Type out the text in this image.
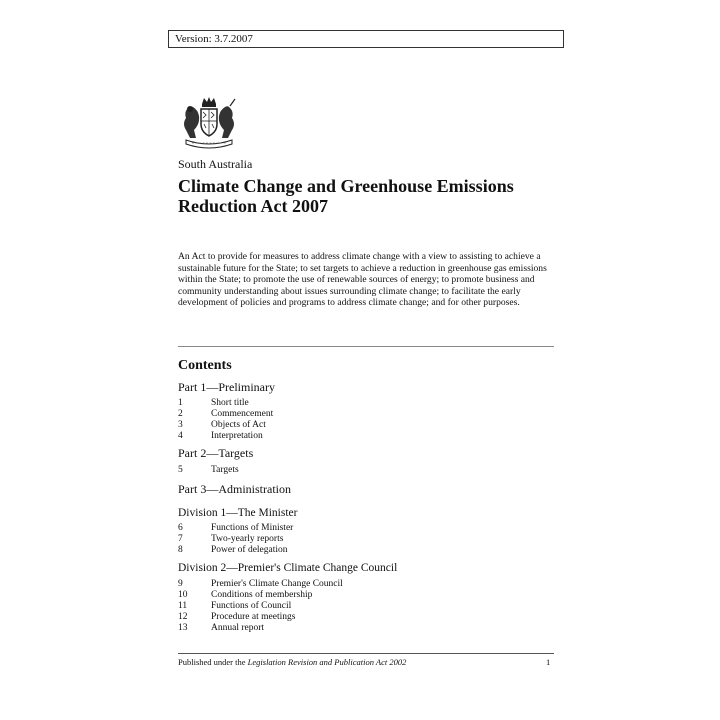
Version: 3.7.2007
South Australia
Climate Change and Greenhouse Emissions
Reduction Act 2007

An Act to provide for measures to address climate change with a view to assisting to achieve a sustainable future for the State; to set targets to achieve a reduction in greenhouse gas emissions within the State; to promote the use of renewable sources of energy; to promote business and community understanding about issues surrounding climate change; to facilitate the early development of policies and programs to address climate change; and for other purposes.

Contents
Part 1—Preliminary
1	Short title
2	Commencement
3	Objects of Act
4	Interpretation
Part 2—Targets
5	Targets
Part 3—Administration
Division 1—The Minister
6	Functions of Minister
7	Two-yearly reports
8	Power of delegation
Division 2—Premier's Climate Change Council
9	Premier's Climate Change Council
10	Conditions of membership
11	Functions of Council
12	Procedure at meetings
13	Annual report
Published under the Legislation Revision and Publication Act 2002	1
